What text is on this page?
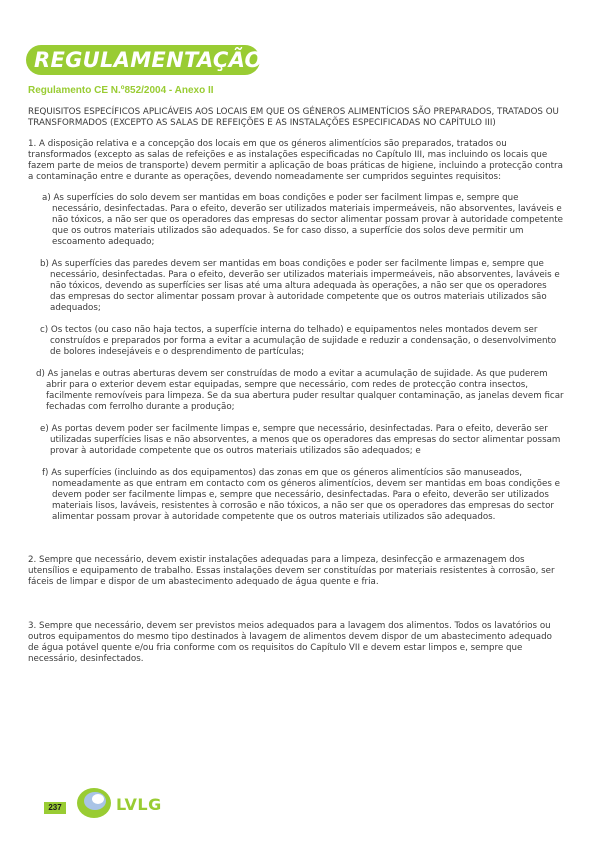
REGULAMENTAÇÃO
Regulamento CE N.º852/2004 - Anexo II

REQUISITOS ESPECÍFICOS APLICÁVEIS AOS LOCAIS EM QUE OS GÉNEROS ALIMENTÍCIOS SÃO PREPARADOS, TRATADOS OU TRANSFORMADOS (EXCEPTO AS SALAS DE REFEIÇÕES E AS INSTALAÇÕES ESPECIFICADAS NO CAPÍTULO III)

1. A disposição relativa e a concepção dos locais em que os géneros alimentícios são preparados, tratados ou transformados (excepto as salas de refeições e as instalações especificadas no Capítulo III, mas incluindo os locais que fazem parte de meios de transporte) devem permitir a aplicação de boas práticas de higiene, incluindo a protecção contra a contaminação entre e durante as operações, devendo nomeadamente ser cumpridos seguintes requisitos:

a) As superfícies do solo devem ser mantidas em boas condições e poder ser facilment limpas e, sempre que necessário, desinfectadas. Para o efeito, deverão ser utilizados materiais impermeáveis, não absorventes, laváveis e não tóxicos, a não ser que os operadores das empresas do sector alimentar possam provar à autoridade competente que os outros materiais utilizados são adequados. Se for caso disso, a superfície dos solos deve permitir um escoamento adequado;

b) As superfícies das paredes devem ser mantidas em boas condições e poder ser facilmente limpas e, sempre que necessário, desinfectadas. Para o efeito, deverão ser utilizados materiais impermeáveis, não absorventes, laváveis e não tóxicos, devendo as superfícies ser lisas até uma altura adequada às operações, a não ser que os operadores das empresas do sector alimentar possam provar à autoridade competente que os outros materiais utilizados são adequados;

c) Os tectos (ou caso não haja tectos, a superfície interna do telhado) e equipamentos neles montados devem ser construídos e preparados por forma a evitar a acumulação de sujidade e reduzir a condensação, o desenvolvimento de bolores indesejáveis e o desprendimento de partículas;

d) As janelas e outras aberturas devem ser construídas de modo a evitar a acumulação de sujidade. As que puderem abrir para o exterior devem estar equipadas, sempre que necessário, com redes de protecção contra insectos, facilmente removíveis para limpeza. Se da sua abertura puder resultar qualquer contaminação, as janelas devem ficar fechadas com ferrolho durante a produção;

e) As portas devem poder ser facilmente limpas e, sempre que necessário, desinfectadas. Para o efeito, deverão ser utilizadas superfícies lisas e não absorventes, a menos que os operadores das empresas do sector alimentar possam provar à autoridade competente que os outros materiais utilizados são adequados; e

f) As superfícies (incluindo as dos equipamentos) das zonas em que os géneros alimentícios são manuseados, nomeadamente as que entram em contacto com os géneros alimentícios, devem ser mantidas em boas condições e devem poder ser facilmente limpas e, sempre que necessário, desinfectadas. Para o efeito, deverão ser utilizados materiais lisos, laváveis, resistentes à corrosão e não tóxicos, a não ser que os operadores das empresas do sector alimentar possam provar à autoridade competente que os outros materiais utilizados são adequados.

2. Sempre que necessário, devem existir instalações adequadas para a limpeza, desinfecção e armazenagem dos utensílios e equipamento de trabalho. Essas instalações devem ser constituídas por materiais resistentes à corrosão, ser fáceis de limpar e dispor de um abastecimento adequado de água quente e fria.

3. Sempre que necessário, devem ser previstos meios adequados para a lavagem dos alimentos. Todos os lavatórios ou outros equipamentos do mesmo tipo destinados à lavagem de alimentos devem dispor de um abastecimento adequado de água potável quente e/ou fria conforme com os requisitos do Capítulo VII e devem estar limpos e, sempre que necessário, desinfectados.

237	LVLG
